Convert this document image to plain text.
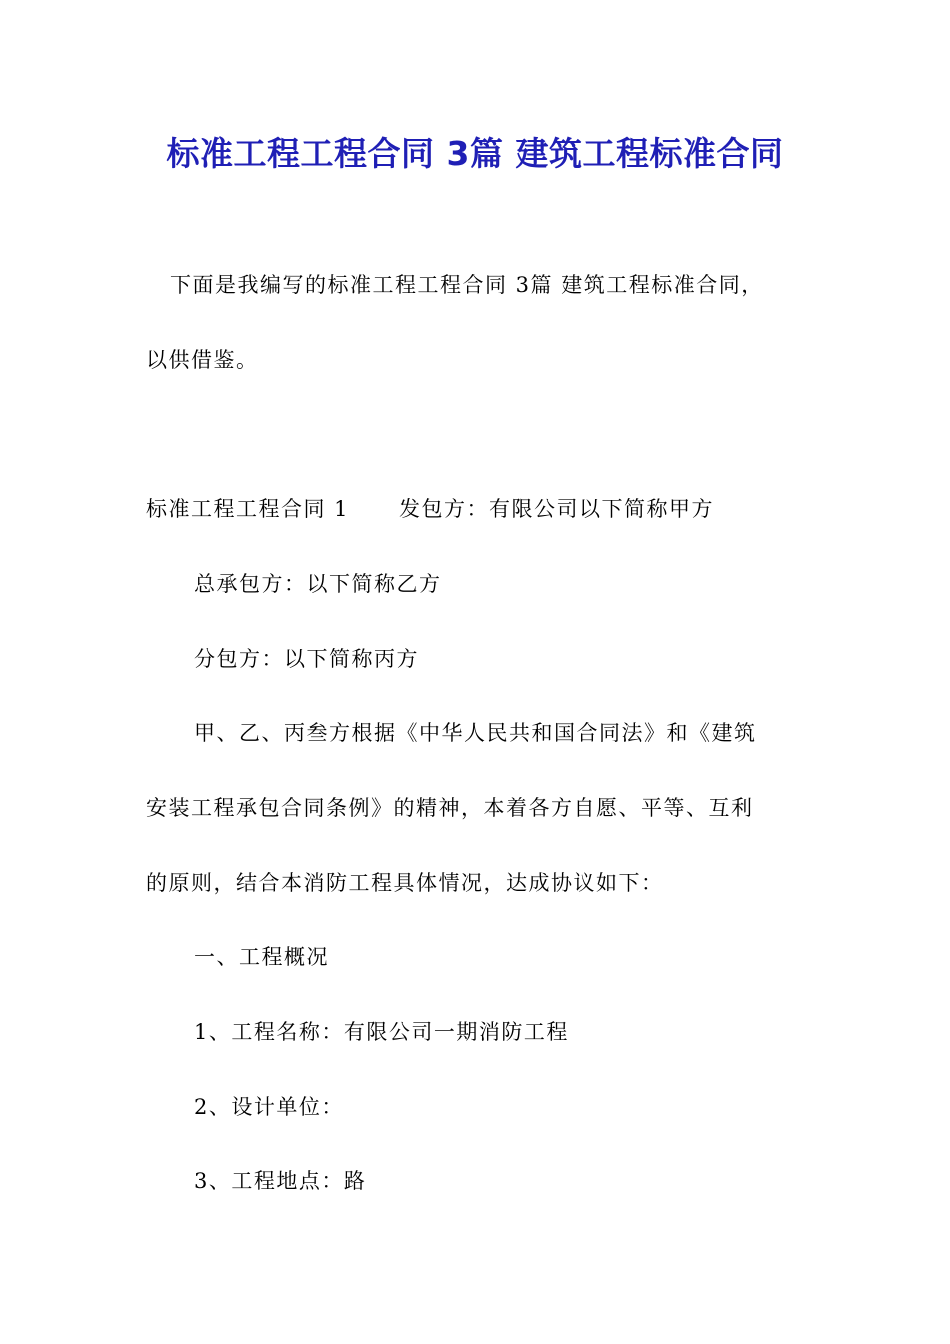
标准工程工程合同 3篇 建筑工程标准合同
下面是我编写的标准工程工程合同 3篇 建筑工程标准合同，
以供借鉴。
标准工程工程合同 1 发包方：有限公司以下简称甲方
总承包方：以下简称乙方
分包方：以下简称丙方
甲、乙、丙叁方根据《中华人民共和国合同法》和《建筑
安装工程承包合同条例》的精神，本着各方自愿、平等、互利
的原则，结合本消防工程具体情况，达成协议如下：
一、工程概况
1、工程名称：有限公司一期消防工程
2、设计单位：
3、工程地点：路
